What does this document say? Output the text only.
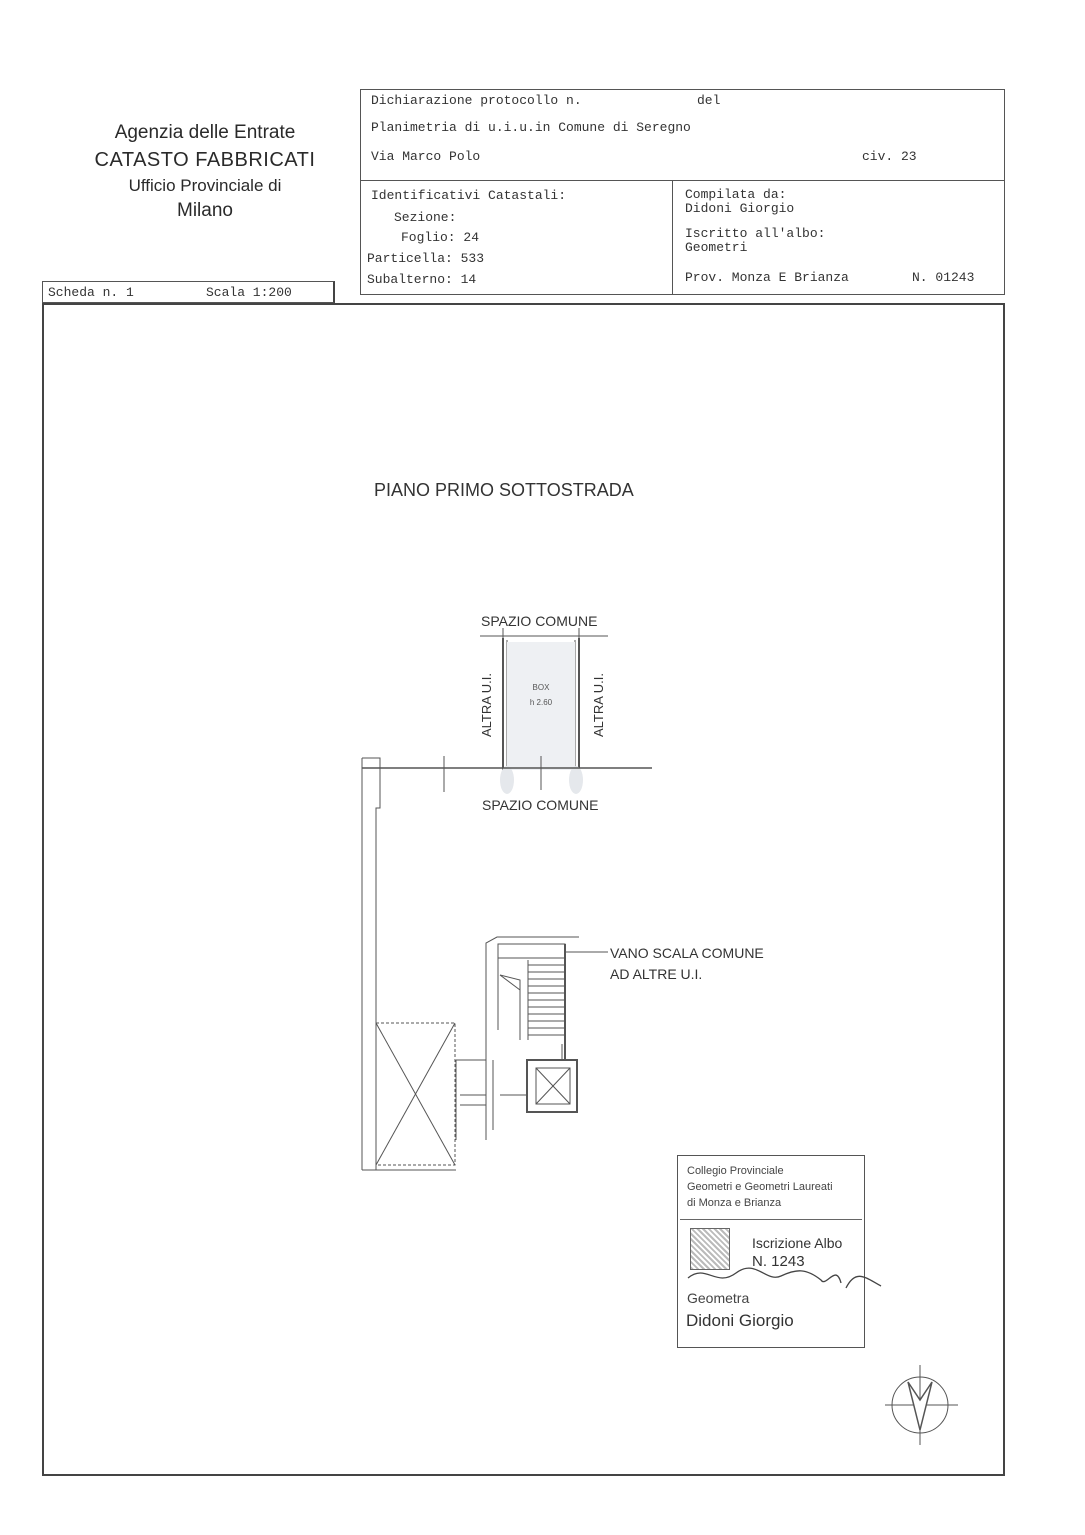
Agenzia delle Entrate
CATASTO FABBRICATI
Ufficio Provinciale di
Milano
Dichiarazione protocollo n.	del
Planimetria di u.i.u.in Comune di Seregno
Via Marco Polo	civ. 23
Identificativi Catastali:
Sezione:
Foglio: 24
Particella: 533
Subalterno: 14
Compilata da:
Didoni Giorgio
Iscritto all'albo:
Geometri
Prov. Monza E Brianza	N. 01243
Scheda n. 1	Scala 1:200
PIANO PRIMO SOTTOSTRADA
ALTRA U.I.	ALTRA U.I.
BOX
h 2.60
SPAZIO COMUNE
SPAZIO COMUNE
VANO SCALA COMUNE
AD ALTRE U.I.
Collegio Provinciale
Geometri e Geometri Laureati
di Monza e Brianza
Iscrizione Albo
N. 1243
Geometra
Didoni Giorgio
